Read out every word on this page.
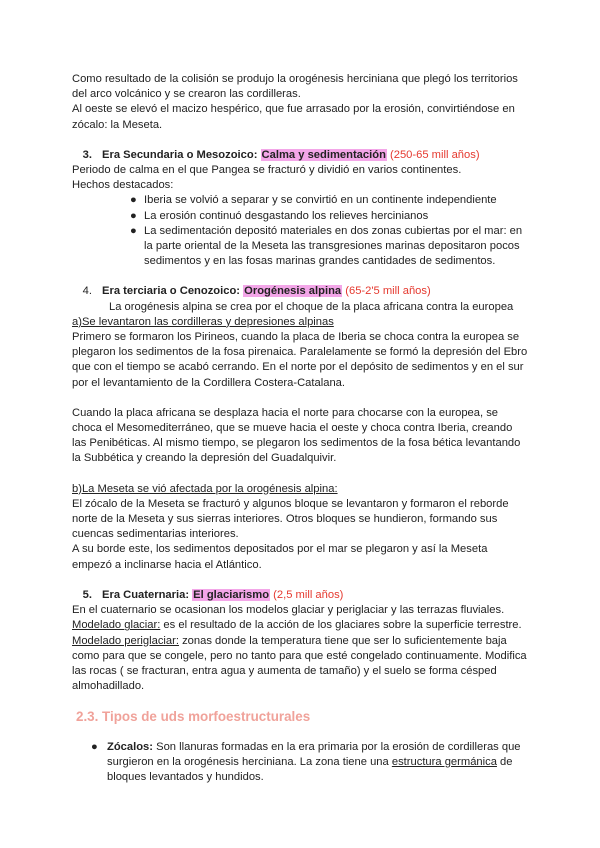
Como resultado de la colisión se produjo la orogénesis herciniana que plegó los territorios del arco volcánico y se crearon las cordilleras.

Al oeste se elevó el macizo hespérico, que fue arrasado por la erosión, convirtiéndose en zócalo: la Meseta.

3. Era Secundaria o Mesozoico: Calma y sedimentación (250-65 mill años)

Periodo de calma en el que Pangea se fracturó y dividió en varios continentes.

Hechos destacados:

● Iberia se volvió a separar y se convirtió en un continente independiente
● La erosión continuó desgastando los relieves hercinianos
● La sedimentación depositó materiales en dos zonas cubiertas por el mar: en la parte oriental de la Meseta las transgresiones marinas depositaron pocos sedimentos y en las fosas marinas grandes cantidades de sedimentos.
4. Era terciaria o Cenozoico: Orogénesis alpina (65-2'5 mill años)

La orogénesis alpina se crea por el choque de la placa africana contra la europea

a)Se levantaron las cordilleras y depresiones alpinas

Primero se formaron los Pirineos, cuando la placa de Iberia se choca contra la europea se plegaron los sedimentos de la fosa pirenaica. Paralelamente se formó la depresión del Ebro que con el tiempo se acabó cerrando. En el norte por el depósito de sedimentos y en el sur por el levantamiento de la Cordillera Costera-Catalana.

Cuando la placa africana se desplaza hacia el norte para chocarse con la europea, se choca el Mesomediterráneo, que se mueve hacia el oeste y choca contra Iberia, creando las Penibéticas. Al mismo tiempo, se plegaron los sedimentos de la fosa bética levantando la Subbética y creando la depresión del Guadalquivir.

b)La Meseta se vió afectada por la orogénesis alpina:

El zócalo de la Meseta se fracturó y algunos bloque se levantaron y formaron el reborde norte de la Meseta y sus sierras interiores. Otros bloques se hundieron, formando sus cuencas sedimentarias interiores.

A su borde este, los sedimentos depositados por el mar se plegaron y así la Meseta empezó a inclinarse hacia el Atlántico.

5. Era Cuaternaria: El glaciarismo (2,5 mill años)

En el cuaternario se ocasionan los modelos glaciar y periglaciar y las terrazas fluviales.

Modelado glaciar: es el resultado de la acción de los glaciares sobre la superficie terrestre.

Modelado periglaciar: zonas donde la temperatura tiene que ser lo suficientemente baja como para que se congele, pero no tanto para que esté congelado continuamente. Modifica las rocas ( se fracturan, entra agua y aumenta de tamaño) y el suelo se forma césped almohadillado.

2.3. Tipos de uds morfoestructurales

● Zócalos: Son llanuras formadas en la era primaria por la erosión de cordilleras que surgieron en la orogénesis herciniana. La zona tiene una estructura germánica de bloques levantados y hundidos.
